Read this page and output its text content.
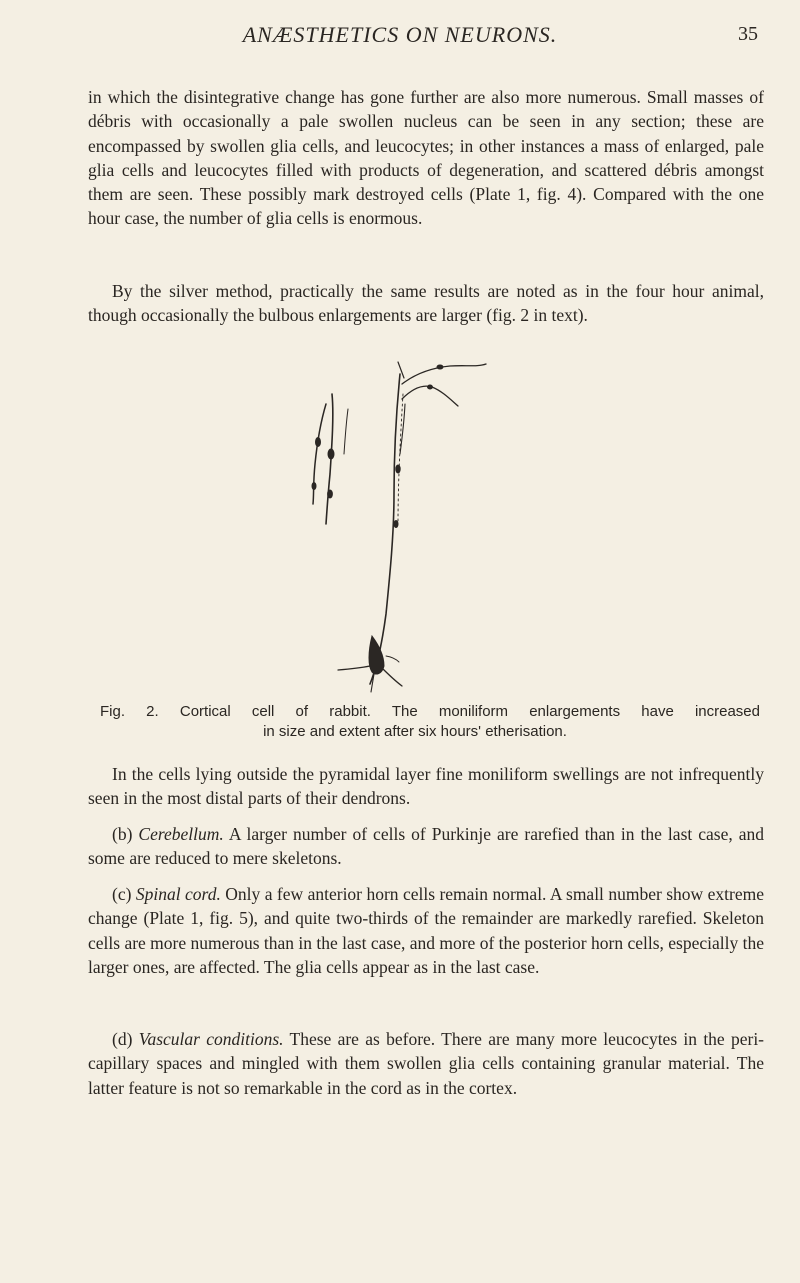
ANÆSTHETICS ON NEURONS.	35

in which the disintegrative change has gone further are also more numerous. Small masses of débris with occasionally a pale swollen nucleus can be seen in any section; these are encompassed by swollen glia cells, and leucocytes; in other instances a mass of enlarged, pale glia cells and leucocytes filled with products of degeneration, and scattered débris amongst them are seen. These possibly mark destroyed cells (Plate 1, fig. 4). Compared with the one hour case, the number of glia cells is enormous.

By the silver method, practically the same results are noted as in the four hour animal, though occasionally the bulbous enlargements are larger (fig. 2 in text).

Fig. 2. Cortical cell of rabbit. The moniliform enlargements have increased
in size and extent after six hours' etherisation.

In the cells lying outside the pyramidal layer fine moniliform swellings are not infrequently seen in the most distal parts of their dendrons.

(b) Cerebellum. A larger number of cells of Purkinje are rarefied than in the last case, and some are reduced to mere skeletons.

(c) Spinal cord. Only a few anterior horn cells remain normal. A small number show extreme change (Plate 1, fig. 5), and quite two-thirds of the remainder are markedly rarefied. Skeleton cells are more numerous than in the last case, and more of the posterior horn cells, especially the larger ones, are affected. The glia cells appear as in the last case.

(d) Vascular conditions. These are as before. There are many more leucocytes in the peri-capillary spaces and mingled with them swollen glia cells containing granular material. The latter feature is not so remarkable in the cord as in the cortex.
